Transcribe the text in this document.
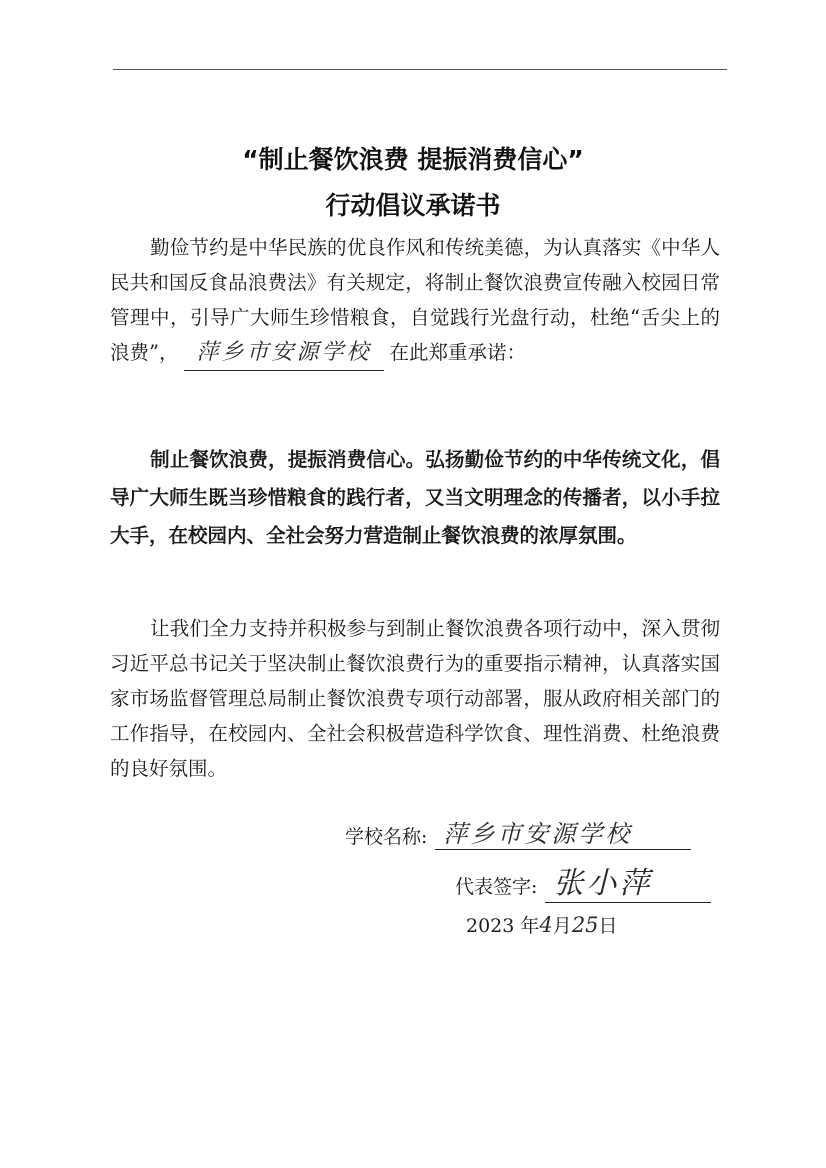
“制止餐饮浪费 提振消费信心”
行动倡议承诺书
勤俭节约是中华民族的优良作风和传统美德，为认真落实《中华人民共和国反食品浪费法》有关规定，将制止餐饮浪费宣传融入校园日常管理中，引导广大师生珍惜粮食，自觉践行光盘行动，杜绝“舌尖上的浪费”， 萍乡市安源学校 在此郑重承诺：
制止餐饮浪费，提振消费信心。弘扬勤俭节约的中华传统文化，倡导广大师生既当珍惜粮食的践行者，又当文明理念的传播者，以小手拉大手，在校园内、全社会努力营造制止餐饮浪费的浓厚氛围。
让我们全力支持并积极参与到制止餐饮浪费各项行动中，深入贯彻习近平总书记关于坚决制止餐饮浪费行为的重要指示精神，认真落实国家市场监督管理总局制止餐饮浪费专项行动部署，服从政府相关部门的工作指导，在校园内、全社会积极营造科学饮食、理性消费、杜绝浪费的良好氛围。
学校名称: 萍乡市安源学校
代表签字: 张小萍
2023 年4月25日
